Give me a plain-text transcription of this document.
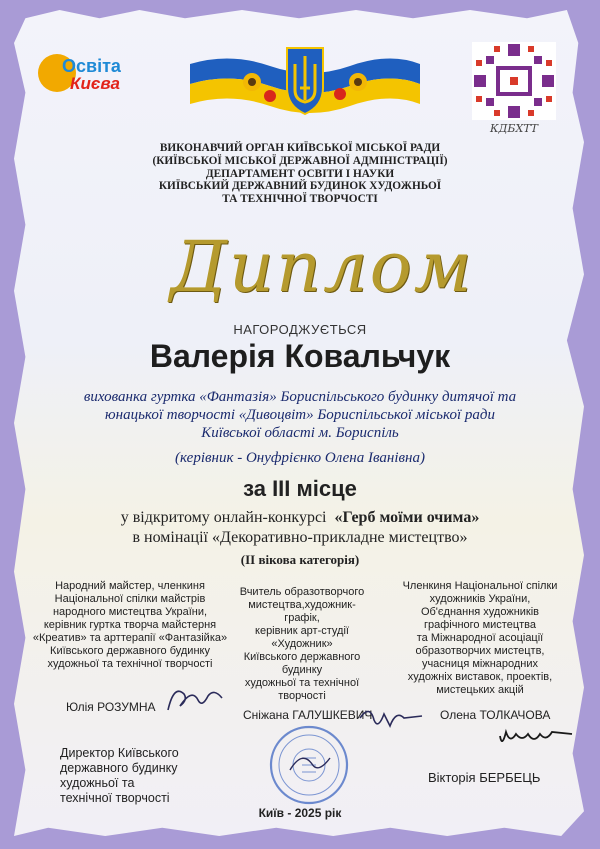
Освіта
Києва
КДБХТТ
ВИКОНАВЧИЙ ОРГАН КИЇВСЬКОЇ МІСЬКОЇ РАДИ
(КИЇВСЬКОЇ МІСЬКОЇ ДЕРЖАВНОЇ АДМІНІСТРАЦІЇ)
ДЕПАРТАМЕНТ ОСВІТИ І НАУКИ
КИЇВСЬКИЙ ДЕРЖАВНИЙ БУДИНОК ХУДОЖНЬОЇ
ТА ТЕХНІЧНОЇ ТВОРЧОСТІ
Диплом
НАГОРОДЖУЄТЬСЯ
Валерія Ковальчук
вихованка гуртка «Фантазія» Бориспільського будинку дитячої та
юнацької творчості «Дивоцвіт» Бориспільської міської ради
Київської області м. Бориспіль
(керівник - Онуфрієнко Олена Іванівна)
за ІІІ місце
у відкритому онлайн-конкурсі «Герб моїми очима»
в номінації «Декоративно-прикладне мистецтво»
(ІІ вікова категорія)
Народний майстер, членкиня
Національної спілки майстрів
народного мистецтва України,
керівник гуртка творча майстерня
«Креатив» та арттерапії «Фантазійка»
Київського державного будинку
художньої та технічної творчості
Юлія РОЗУМНА
Вчитель образотворчого
мистецтва,художник-графік,
керівник арт-студії
«Художник»
Київського державного
будинку
художньої та технічної
творчості
Сніжана ГАЛУШКЕВИЧ
Членкиня Національної спілки
художників України,
Об'єднання художників
графічного мистецтва
та Міжнародної асоціації
образотворчих мистецтв,
учасниця міжнародних
художніх виставок, проектів,
мистецьких акцій
Олена ТОЛКАЧОВА
Директор Київського
державного будинку
художньої та
технічної творчості
Вікторія БЕРБЕЦЬ
Київ - 2025 рік
